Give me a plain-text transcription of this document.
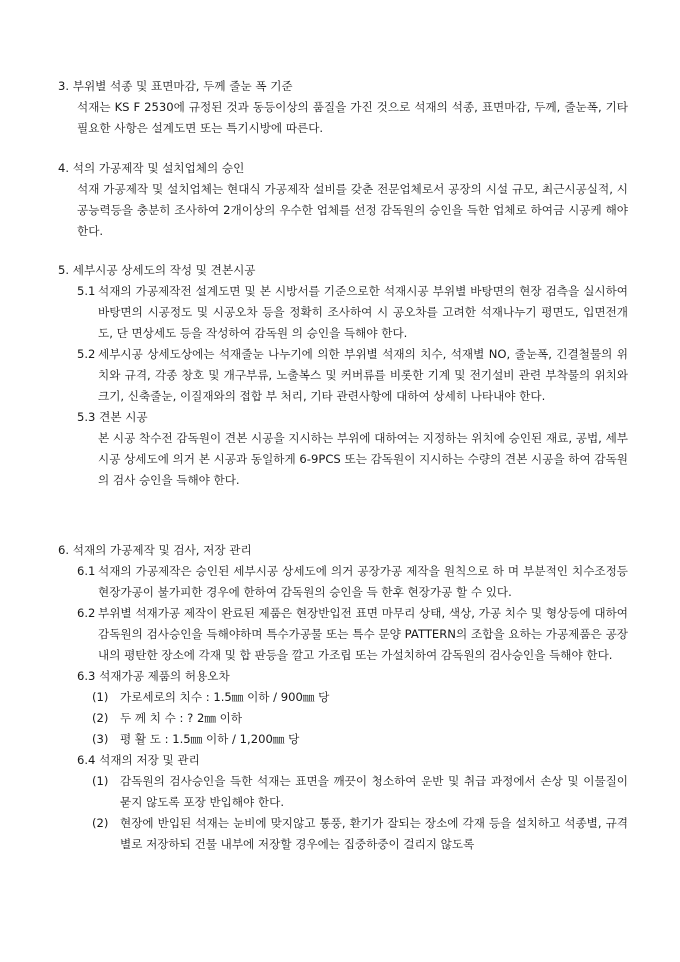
3. 부위별 석종 및 표면마감, 두께 줄눈 폭 기준
석재는 KS F 2530에 규정된 것과 동등이상의 품질을 가진 것으로 석재의 석종, 표면마감, 두께, 줄눈폭, 기타 필요한 사항은 설계도면 또는 특기시방에 따른다.
4. 석의 가공제작 및 설치업체의 승인
석재 가공제작 및 설치업체는 현대식 가공제작 설비를 갖춘 전문업체로서 공장의 시설 규모, 최근시공실적, 시공능력등을 충분히 조사하여 2개이상의 우수한 업체를 선정 감독원의 승인을 득한 업체로 하여금 시공케 해야 한다.
5. 세부시공 상세도의 작성 및 견본시공
5.1 석재의 가공제작전 설계도면 및 본 시방서를 기준으로한 석재시공 부위별 바탕면의 현장 검측을 실시하여 바탕면의 시공정도 및 시공오차 등을 정확히 조사하여 시 공오차를 고려한 석재나누기 평면도, 입면전개도, 단 면상세도 등을 작성하여 감독원 의 승인을 득해야 한다.
5.2 세부시공 상세도상에는 석재줄눈 나누기에 의한 부위별 석재의 치수, 석재별 NO, 줄눈폭, 긴결철물의 위치와 규격, 각종 창호 및 개구부류, 노출복스 및 커버류를 비롯한 기계 및 전기설비 관련 부착물의 위치와 크기, 신축줄눈, 이질재와의 접합 부 처리, 기타 관련사항에 대하여 상세히 나타내야 한다.
5.3 견본 시공
본 시공 착수전 감독원이 견본 시공을 지시하는 부위에 대하여는 지정하는 위치에 승인된 재료, 공법, 세부시공 상세도에 의거 본 시공과 동일하게 6-9PCS 또는 감독원이 지시하는 수량의 견본 시공을 하여 감독원의 검사 승인을 득해야 한다.
6. 석재의 가공제작 및 검사, 저장 관리
6.1 석재의 가공제작은 승인된 세부시공 상세도에 의거 공장가공 제작을 원칙으로 하 며 부분적인 치수조정등 현장가공이 불가피한 경우에 한하여 감독원의 승인을 득 한후 현장가공 할 수 있다.
6.2 부위별 석재가공 제작이 완료된 제품은 현장반입전 표면 마무리 상태, 색상, 가공 치수 및 형상등에 대하여 감독원의 검사승인을 득해야하며 특수가공물 또는 특수 문양 PATTERN의 조합을 요하는 가공제품은 공장내의 평탄한 장소에 각재 및 합 판등을 깔고 가조립 또는 가설치하여 감독원의 검사승인을 득해야 한다.
6.3 석재가공 제품의 허용오차
(1) 가로세로의 치수 : 1.5㎜ 이하 / 900㎜ 당
(2) 두 께 치 수 : ? 2㎜ 이하
(3) 평 활 도 : 1.5㎜ 이하 / 1,200㎜ 당
6.4 석재의 저장 및 관리
(1) 감독원의 검사승인을 득한 석재는 표면을 깨끗이 청소하여 운반 및 취급 과정에서 손상 및 이물질이 묻지 않도록 포장 반입해야 한다.
(2) 현장에 반입된 석재는 눈비에 맞지않고 통풍, 환기가 잘되는 장소에 각재 등을 설치하고 석종별, 규격별로 저장하되 건물 내부에 저장할 경우에는 집중하중이 걸리지 않도록
